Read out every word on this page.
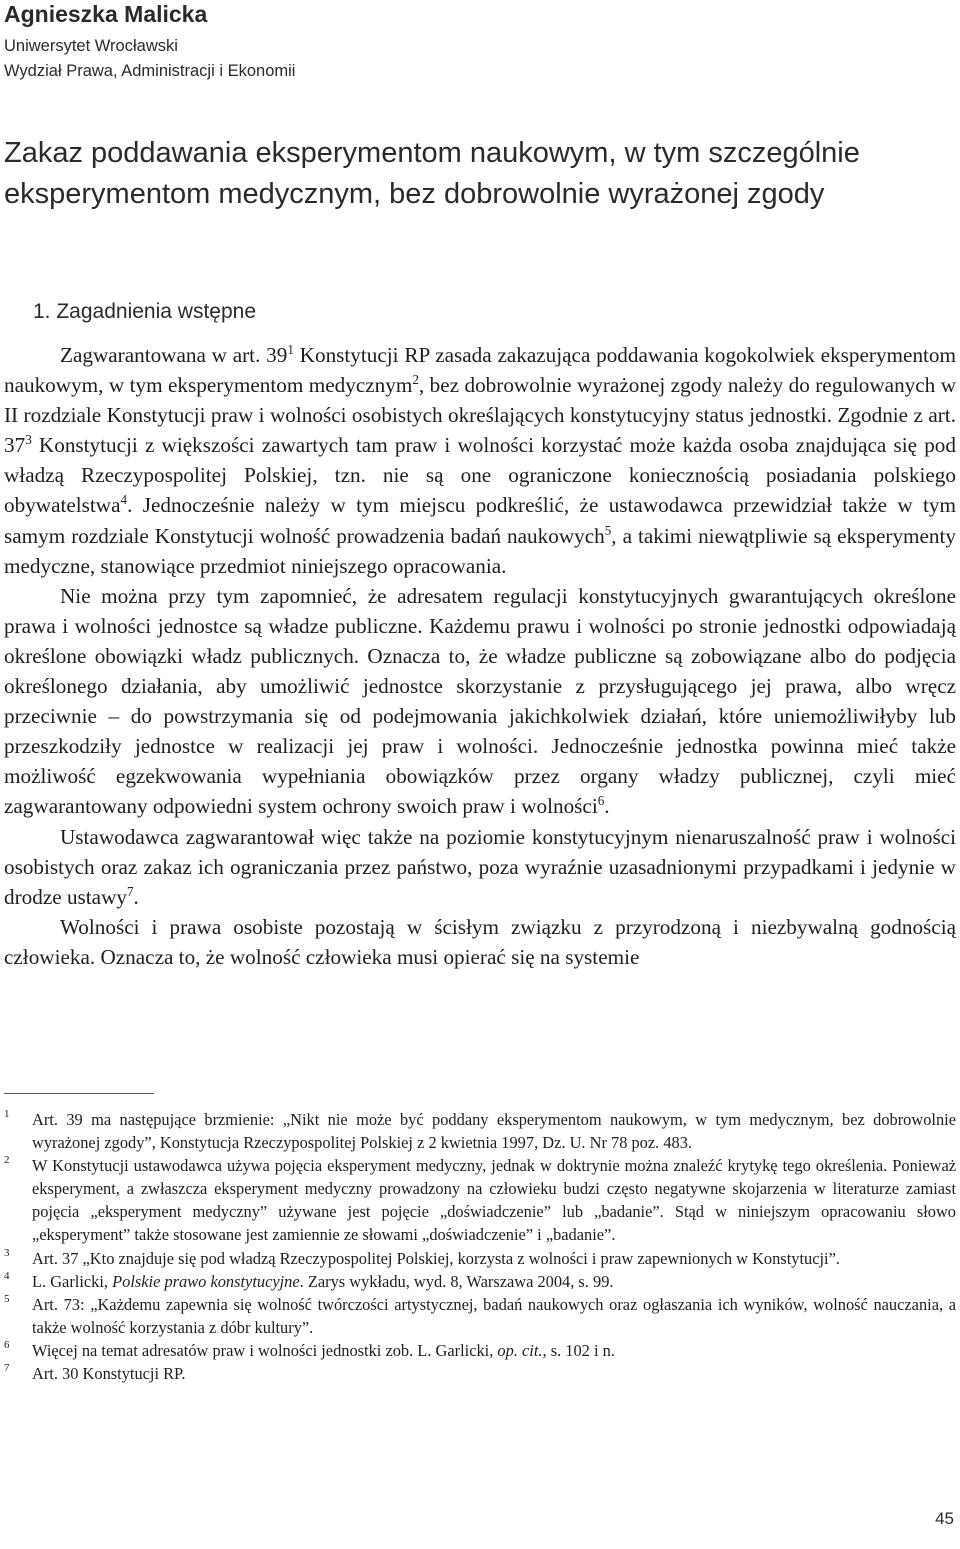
Agnieszka Malicka
Uniwersytet Wrocławski
Wydział Prawa, Administracji i Ekonomii
Zakaz poddawania eksperymentom naukowym, w tym szczególnie eksperymentom medycznym, bez dobrowolnie wyrażonej zgody
1. Zagadnienia wstępne

Zagwarantowana w art. $39^1$ Konstytucji RP zasada zakazująca poddawania kogokolwiek eksperymentom naukowym, w tym eksperymentom medycznym$^2$, bez dobrowolnie wyrażonej zgody należy do regulowanych w II rozdziale Konstytucji praw i wolności osobistych określających konstytucyjny status jednostki. Zgodnie z art. $37^3$ Konstytucji z większości zawartych tam praw i wolności korzystać może każda osoba znajdująca się pod władzą Rzeczypospolitej Polskiej, tzn. nie są one ograniczone koniecznością posiadania polskiego obywatelstwa$^4$. Jednocześnie należy w tym miejscu podkreślić, że ustawodawca przewidział także w tym samym rozdziale Konstytucji wolność prowadzenia badań naukowych$^5$, a takimi niewątpliwie są eksperymenty medyczne, stanowiące przedmiot niniejszego opracowania.

Nie można przy tym zapomnieć, że adresatem regulacji konstytucyjnych gwarantujących określone prawa i wolności jednostce są władze publiczne. Każdemu prawu i wolności po stronie jednostki odpowiadają określone obowiązki władz publicznych. Oznacza to, że władze publiczne są zobowiązane albo do podjęcia określonego działania, aby umożliwić jednostce skorzystanie z przysługującego jej prawa, albo wręcz przeciwnie – do powstrzymania się od podejmowania jakichkolwiek działań, które uniemożliwiłyby lub przeszkodziły jednostce w realizacji jej praw i wolności. Jednocześnie jednostka powinna mieć także możliwość egzekwowania wypełniania obowiązków przez organy władzy publicznej, czyli mieć zagwarantowany odpowiedni system ochrony swoich praw i wolności$^6$.

Ustawodawca zagwarantował więc także na poziomie konstytucyjnym nienaruszalność praw i wolności osobistych oraz zakaz ich ograniczania przez państwo, poza wyraźnie uzasadnionymi przypadkami i jedynie w drodze ustawy$^7$.

Wolności i prawa osobiste pozostają w ścisłym związku z przyrodzoną i niezbywalną godnością człowieka. Oznacza to, że wolność człowieka musi opierać się na systemie

1 Art. 39 ma następujące brzmienie: „Nikt nie może być poddany eksperymentom naukowym, w tym medycznym, bez dobrowolnie wyrażonej zgody”, Konstytucja Rzeczypospolitej Polskiej z 2 kwietnia 1997, Dz. U. Nr 78 poz. 483.
2 W Konstytucji ustawodawca używa pojęcia eksperyment medyczny, jednak w doktrynie można znaleźć krytykę tego określenia. Ponieważ eksperyment, a zwłaszcza eksperyment medyczny prowadzony na człowieku budzi często negatywne skojarzenia w literaturze zamiast pojęcia „eksperyment medyczny” używane jest pojęcie „doświadczenie” lub „badanie”. Stąd w niniejszym opracowaniu słowo „eksperyment” także stosowane jest zamiennie ze słowami „doświadczenie” i „badanie”.
3 Art. 37 „Kto znajduje się pod władzą Rzeczypospolitej Polskiej, korzysta z wolności i praw zapewnionych w Konstytucji”.
4 L. Garlicki, Polskie prawo konstytucyjne. Zarys wykładu, wyd. 8, Warszawa 2004, s. 99.
5 Art. 73: „Każdemu zapewnia się wolność twórczości artystycznej, badań naukowych oraz ogłaszania ich wyników, wolność nauczania, a także wolność korzystania z dóbr kultury”.
6 Więcej na temat adresatów praw i wolności jednostki zob. L. Garlicki, op. cit., s. 102 i n.
7 Art. 30 Konstytucji RP.
45
